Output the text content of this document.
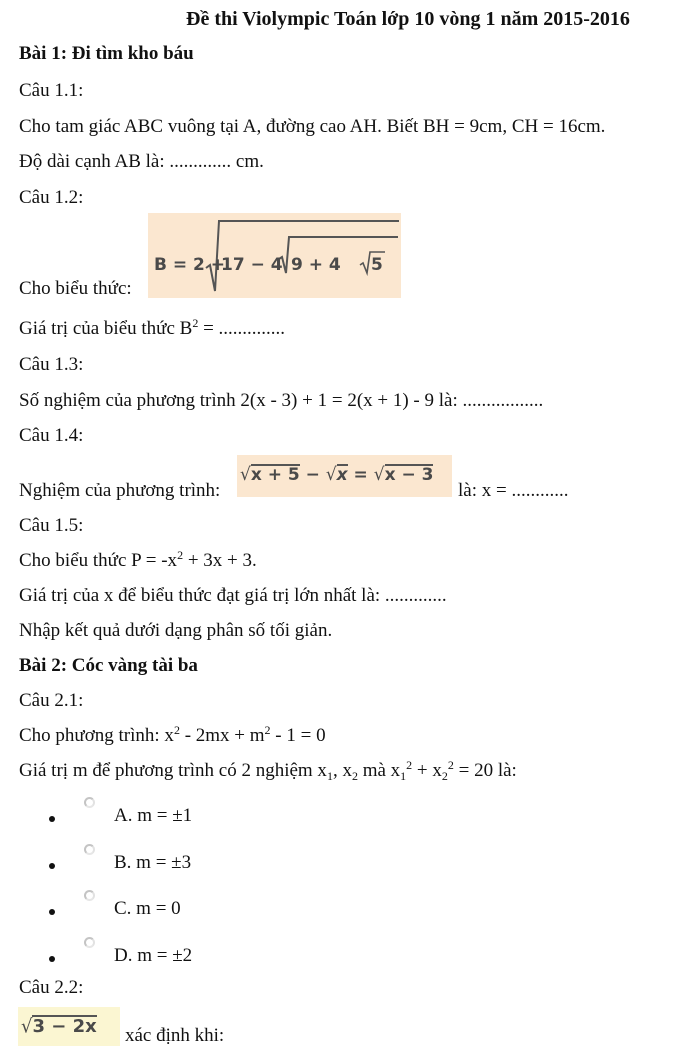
Đề thi Violympic Toán lớp 10 vòng 1 năm 2015-2016
Bài 1: Đi tìm kho báu
Câu 1.1:
Cho tam giác ABC vuông tại A, đường cao AH. Biết BH = 9cm, CH = 16cm.
Độ dài cạnh AB là: ............. cm.
Câu 1.2:
Cho biểu thức:
B = 2 +
17 − 4 9 + 4 5
Giá trị của biểu thức $B^2$ = ..............
Câu 1.3:
Số nghiệm của phương trình 2(x - 3) + 1 = 2(x + 1) - 9 là: .................
Câu 1.4:
Nghiệm của phương trình:
√x + 5 − √x = √x − 3
là: x = ............
Câu 1.5:
Cho biểu thức $P = -x^2 + 3x + 3$.
Giá trị của x để biểu thức đạt giá trị lớn nhất là: .............
Nhập kết quả dưới dạng phân số tối giản.
Bài 2: Cóc vàng tài ba
Câu 2.1:
Cho phương trình: $x^2 - 2mx + m^2 - 1 = 0$
Giá trị m để phương trình có 2 nghiệm $x_1$, $x_2$ mà $x_1^2 + x_2^2 = 20$ là:
A. m = ±1
B. m = ±3
C. m = 0
D. m = ±2
Câu 2.2:
√3 − 2x xác định khi:
